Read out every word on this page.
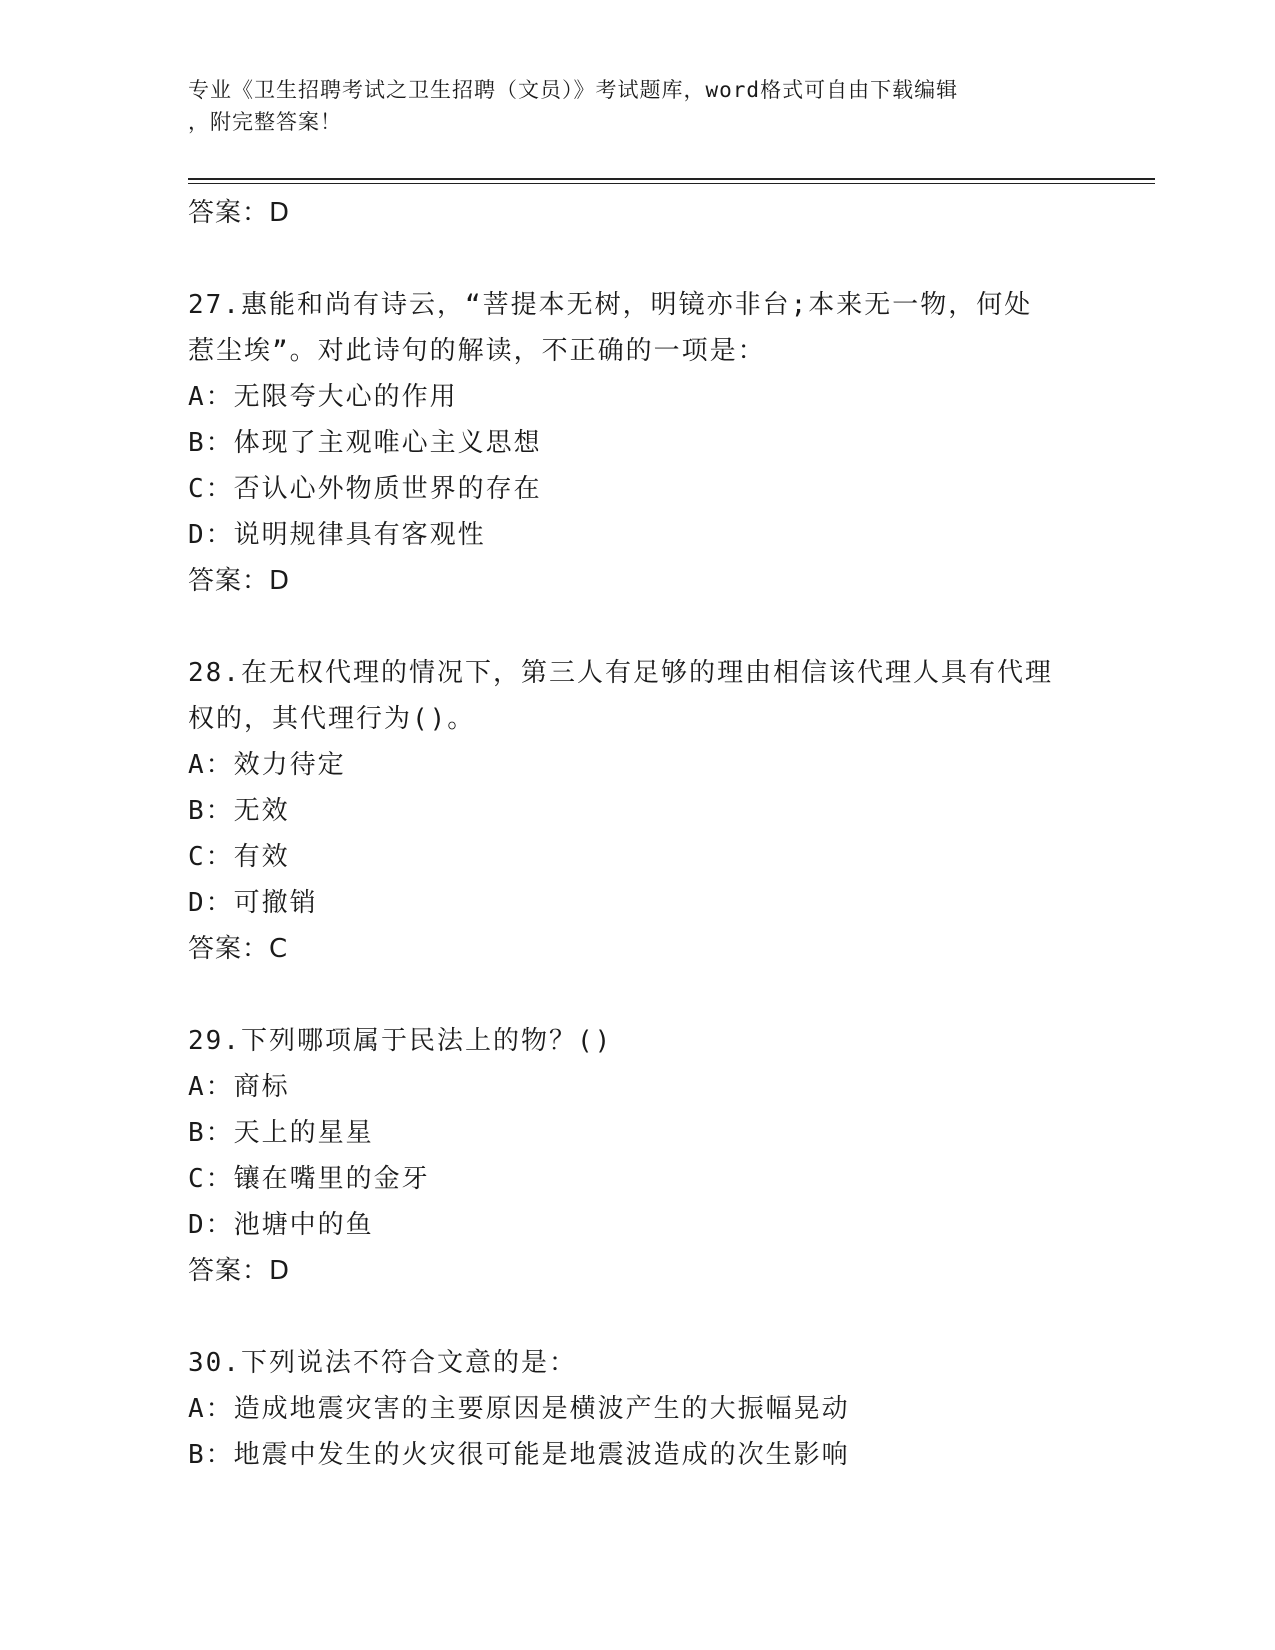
专业《卫生招聘考试之卫生招聘（文员）》考试题库，word格式可自由下载编辑
，附完整答案！
答案：D
27.惠能和尚有诗云，“菩提本无树，明镜亦非台;本来无一物，何处
惹尘埃”。对此诗句的解读，不正确的一项是：
A：无限夸大心的作用
B：体现了主观唯心主义思想
C：否认心外物质世界的存在
D：说明规律具有客观性
答案：D
28.在无权代理的情况下，第三人有足够的理由相信该代理人具有代理
权的，其代理行为()。
A：效力待定
B：无效
C：有效
D：可撤销
答案：C
29.下列哪项属于民法上的物？()
A：商标
B：天上的星星
C：镶在嘴里的金牙
D：池塘中的鱼
答案：D
30.下列说法不符合文意的是：
A：造成地震灾害的主要原因是横波产生的大振幅晃动
B：地震中发生的火灾很可能是地震波造成的次生影响
